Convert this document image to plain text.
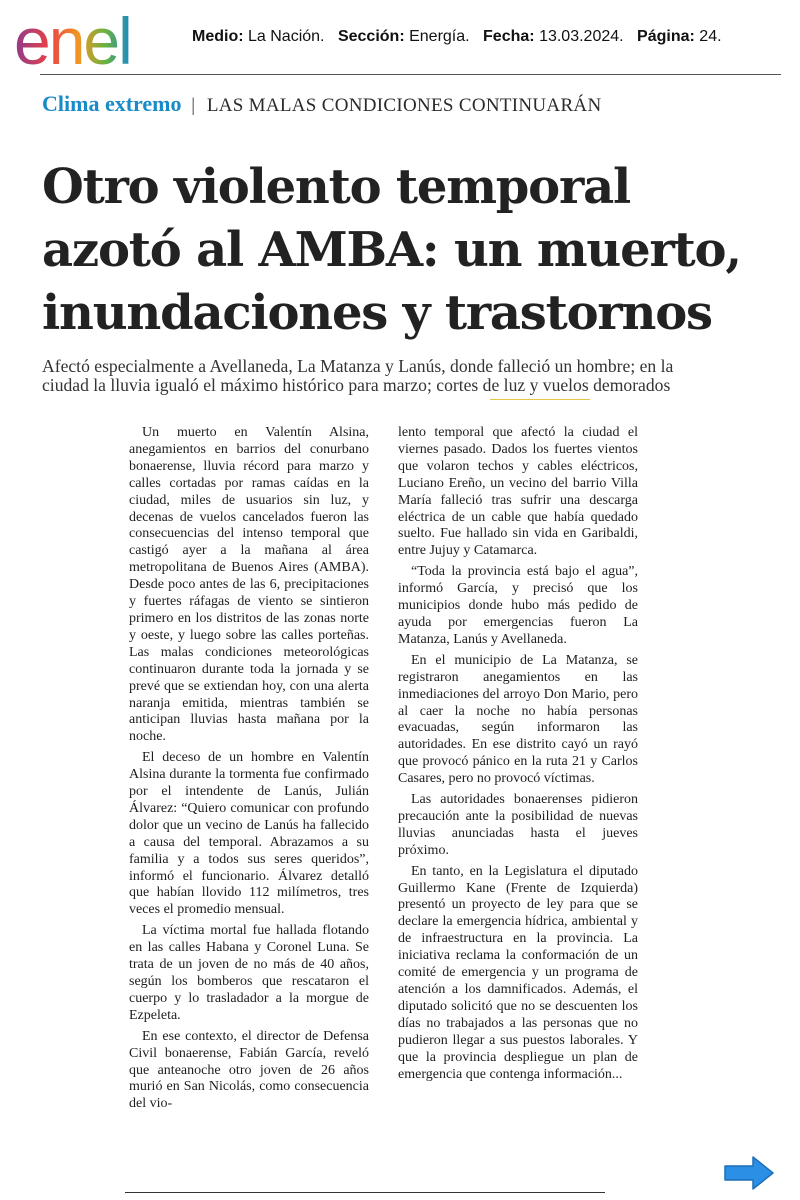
enel	Medio: La Nación. Sección: Energía. Fecha: 13.03.2024. Página: 24.
Clima extremo | LAS MALAS CONDICIONES CONTINUARÁN
Otro violento temporal
azotó al AMBA: un muerto,
inundaciones y trastornos
Afectó especialmente a Avellaneda, La Matanza y Lanús, donde falleció un hombre; en la
ciudad la lluvia igualó el máximo histórico para marzo; cortes de luz y vuelos demorados

Un muerto en Valentín Alsina, anegamientos en barrios del conurbano bonaerense, lluvia récord para marzo y calles cortadas por ramas caídas en la ciudad, miles de usuarios sin luz, y decenas de vuelos cancelados fueron las consecuencias del intenso temporal que castigó ayer a la mañana al área metropolitana de Buenos Aires (AMBA). Desde poco antes de las 6, precipitaciones y fuertes ráfagas de viento se sintieron primero en los distritos de las zonas norte y oeste, y luego sobre las calles porteñas. Las malas condiciones meteorológicas continuaron durante toda la jornada y se prevé que se extiendan hoy, con una alerta naranja emitida, mientras también se anticipan lluvias hasta mañana por la noche.

El deceso de un hombre en Valentín Alsina durante la tormenta fue confirmado por el intendente de Lanús, Julián Álvarez: “Quiero comunicar con profundo dolor que un vecino de Lanús ha fallecido a causa del temporal. Abrazamos a su familia y a todos sus seres queridos”, informó el funcionario. Álvarez detalló que habían llovido 112 milímetros, tres veces el promedio mensual.

La víctima mortal fue hallada flotando en las calles Habana y Coronel Luna. Se trata de un joven de no más de 40 años, según los bomberos que rescataron el cuerpo y lo trasladador a la morgue de Ezpeleta.

En ese contexto, el director de Defensa Civil bonaerense, Fabián García, reveló que anteanoche otro joven de 26 años murió en San Nicolás, como consecuencia del vio-

lento temporal que afectó la ciudad el viernes pasado. Dados los fuertes vientos que volaron techos y cables eléctricos, Luciano Ereño, un vecino del barrio Villa María falleció tras sufrir una descarga eléctrica de un cable que había quedado suelto. Fue hallado sin vida en Garibaldi, entre Jujuy y Catamarca.

“Toda la provincia está bajo el agua”, informó García, y precisó que los municipios donde hubo más pedido de ayuda por emergencias fueron La Matanza, Lanús y Avellaneda.

En el municipio de La Matanza, se registraron anegamientos en las inmediaciones del arroyo Don Mario, pero al caer la noche no había personas evacuadas, según informaron las autoridades. En ese distrito cayó un rayó que provocó pánico en la ruta 21 y Carlos Casares, pero no provocó víctimas.

Las autoridades bonaerenses pidieron precaución ante la posibilidad de nuevas lluvias anunciadas hasta el jueves próximo.

En tanto, en la Legislatura el diputado Guillermo Kane (Frente de Izquierda) presentó un proyecto de ley para que se declare la emergencia hídrica, ambiental y de infraestructura en la provincia. La iniciativa reclama la conformación de un comité de emergencia y un programa de atención a los damnificados. Además, el diputado solicitó que no se descuenten los días no trabajados a las personas que no pudieron llegar a sus puestos laborales. Y que la provincia despliegue un plan de emergencia que contenga información...
